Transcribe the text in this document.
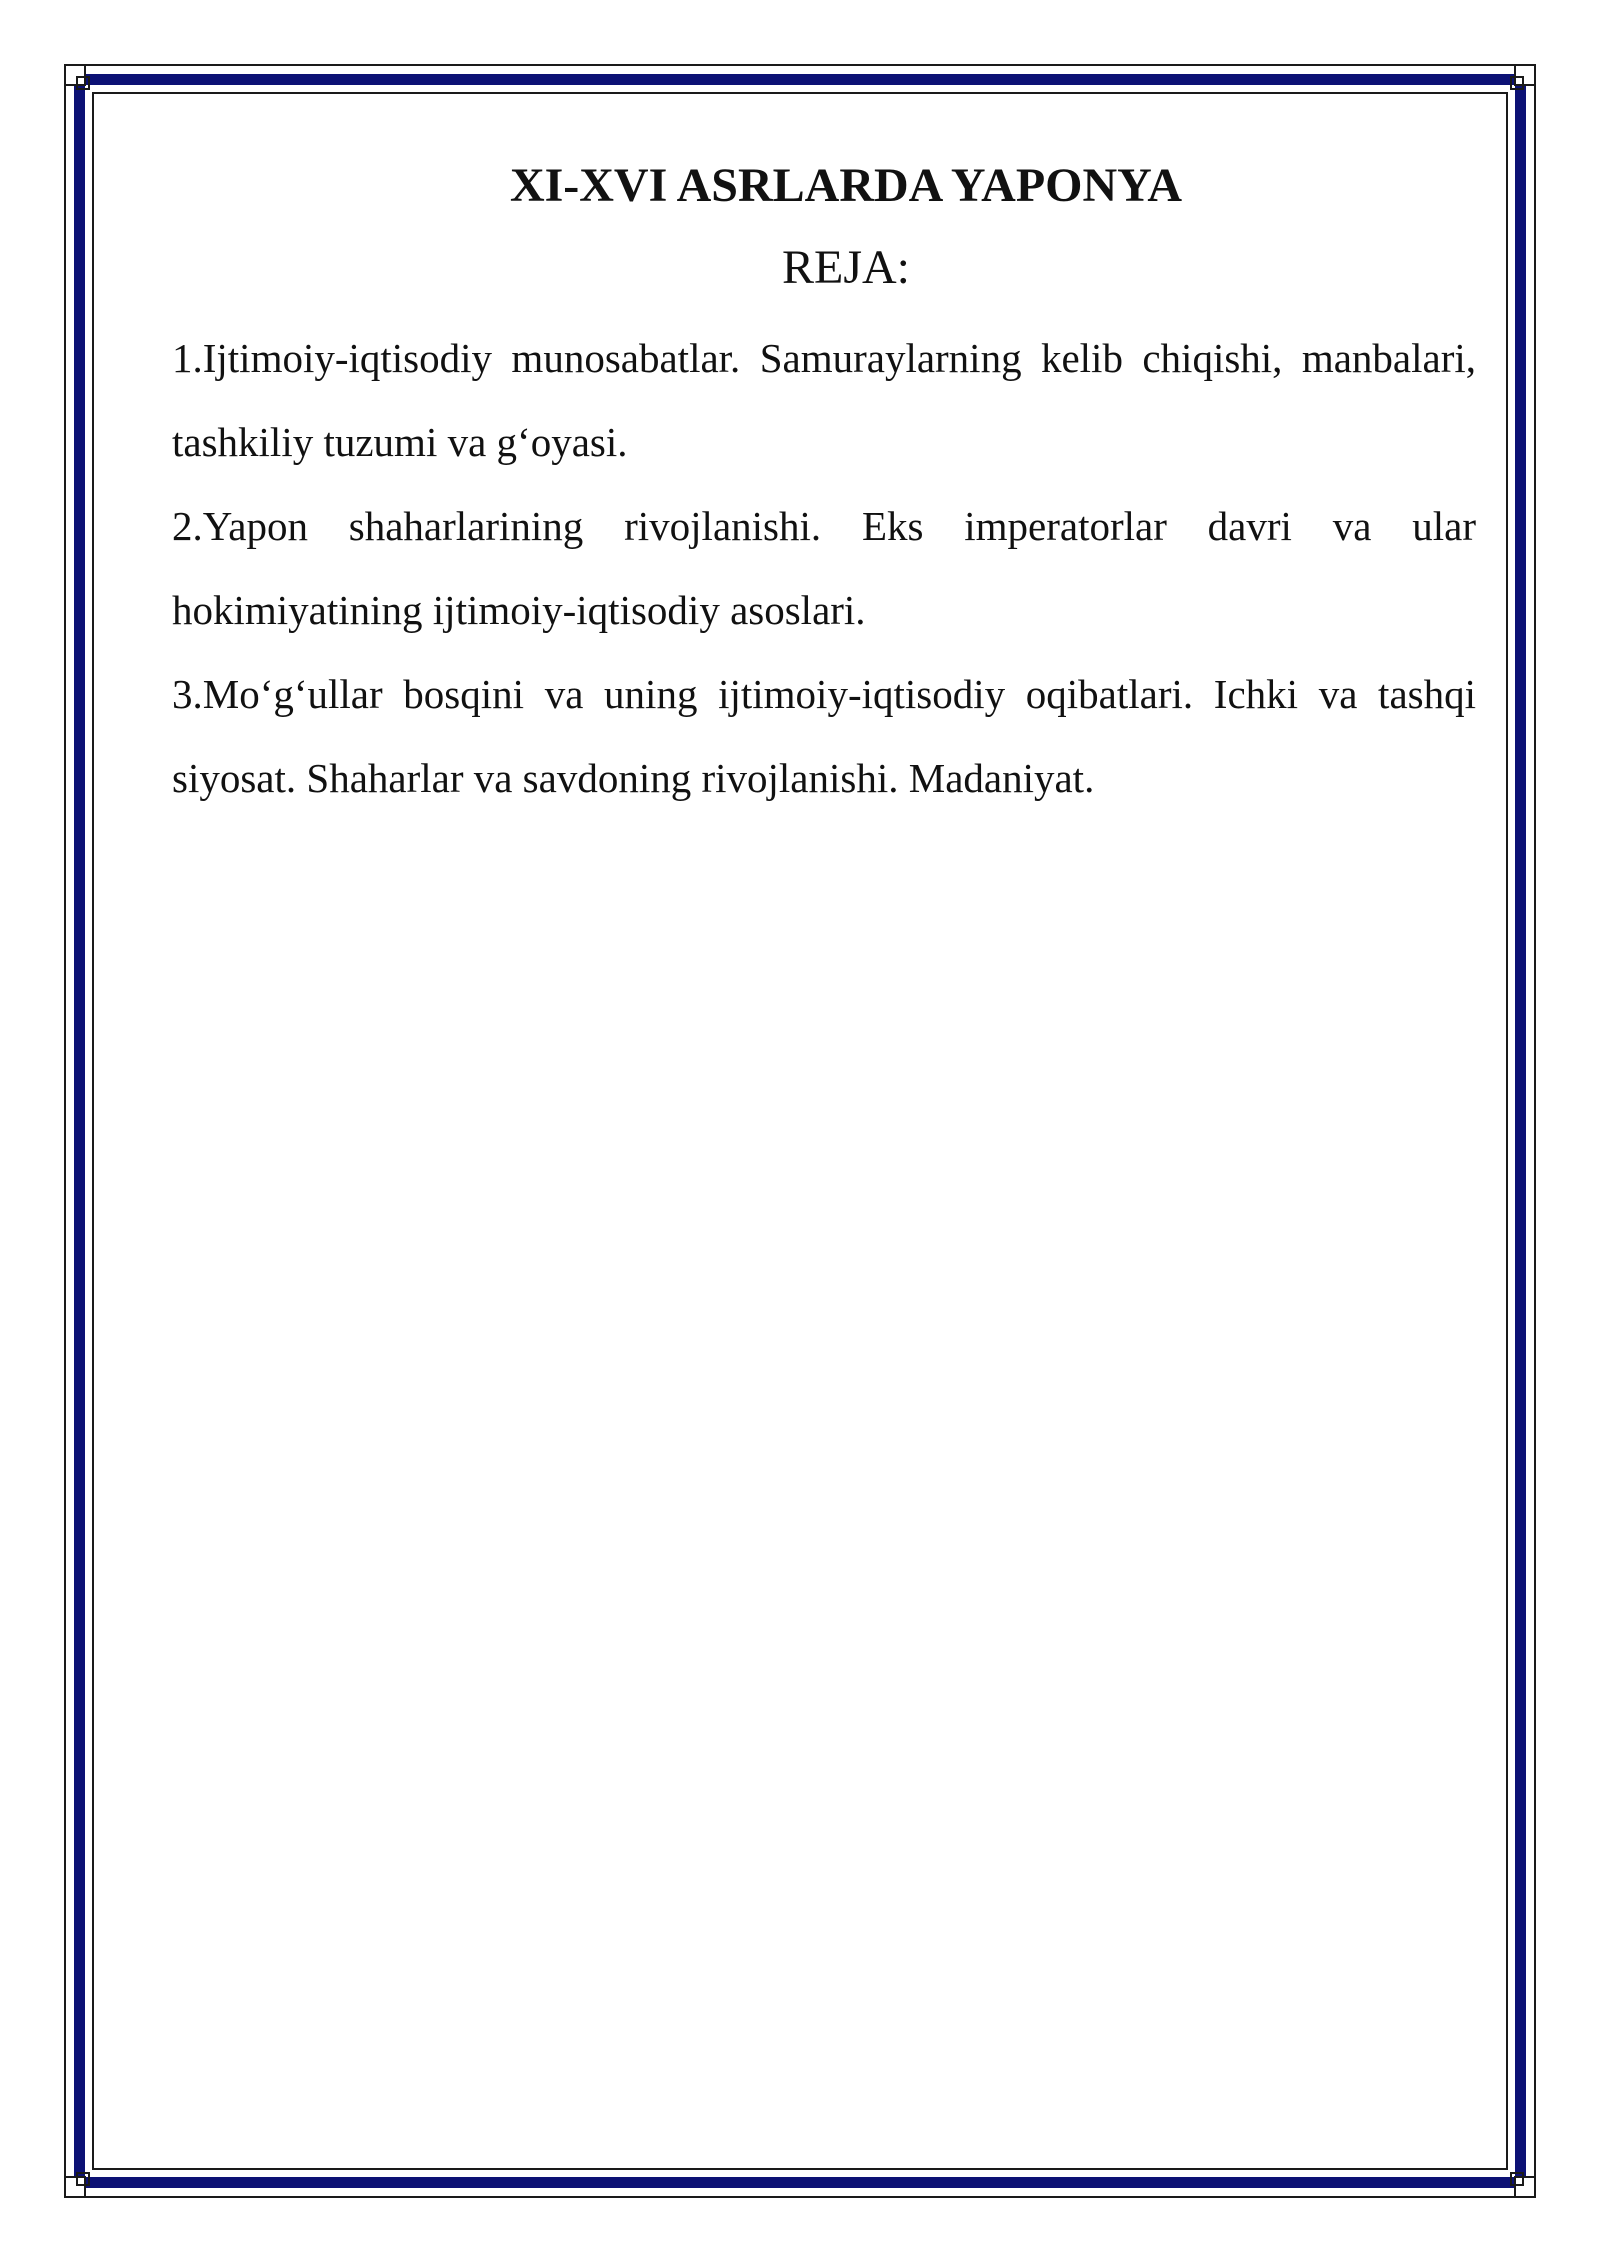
XI-XVI ASRLARDA YAPONYA
REJA:
1.Ijtimoiy-iqtisodiy munosabatlar. Samuraylarning kelib chiqishi, manbalari, tashkiliy tuzumi va g‘oyasi.
2.Yapon shaharlarining rivojlanishi. Eks imperatorlar davri va ular hokimiyatining ijtimoiy-iqtisodiy asoslari.
3.Mo‘g‘ullar bosqini va uning ijtimoiy-iqtisodiy oqibatlari. Ichki va tashqi siyosat. Shaharlar va savdoning rivojlanishi. Madaniyat.
